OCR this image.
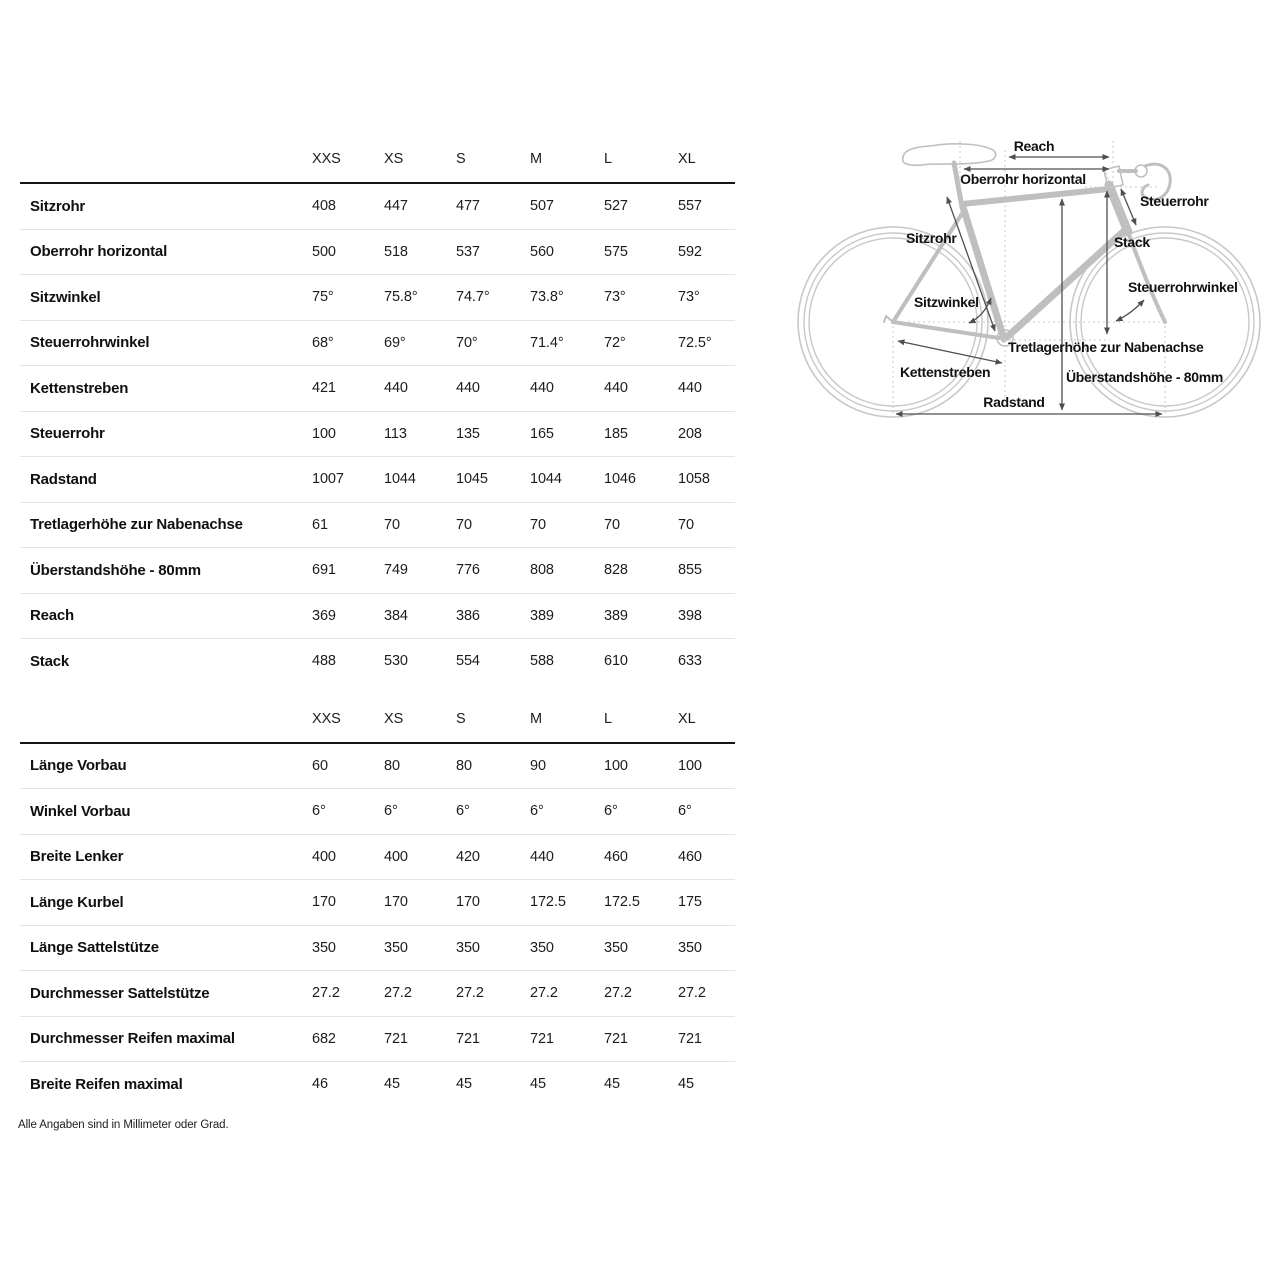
XXS	XS	S	M	L	XL
Sitzrohr	408	447	477	507	527	557
Oberrohr horizontal	500	518	537	560	575	592
Sitzwinkel	75°	75.8°	74.7°	73.8°	73°	73°
Steuerrohrwinkel	68°	69°	70°	71.4°	72°	72.5°
Kettenstreben	421	440	440	440	440	440
Steuerrohr	100	113	135	165	185	208
Radstand	1007	1044	1045	1044	1046	1058
Tretlagerhöhe zur Nabenachse	61	70	70	70	70	70
Überstandshöhe - 80mm	691	749	776	808	828	855
Reach	369	384	386	389	389	398
Stack	488	530	554	588	610	633
XXS	XS	S	M	L	XL
Länge Vorbau	60	80	80	90	100	100
Winkel Vorbau	6°	6°	6°	6°	6°	6°
Breite Lenker	400	400	420	440	460	460
Länge Kurbel	170	170	170	172.5	172.5	175
Länge Sattelstütze	350	350	350	350	350	350
Durchmesser Sattelstütze	27.2	27.2	27.2	27.2	27.2	27.2
Durchmesser Reifen maximal	682	721	721	721	721	721
Breite Reifen maximal	46	45	45	45	45	45
Alle Angaben sind in Millimeter oder Grad.
Reach
Oberrohr horizontal
Steuerrohr
Sitzrohr	Stack
Steuerrohrwinkel
Sitzwinkel
Tretlagerhöhe zur Nabenachse
Kettenstreben	Überstandshöhe - 80mm
Radstand
